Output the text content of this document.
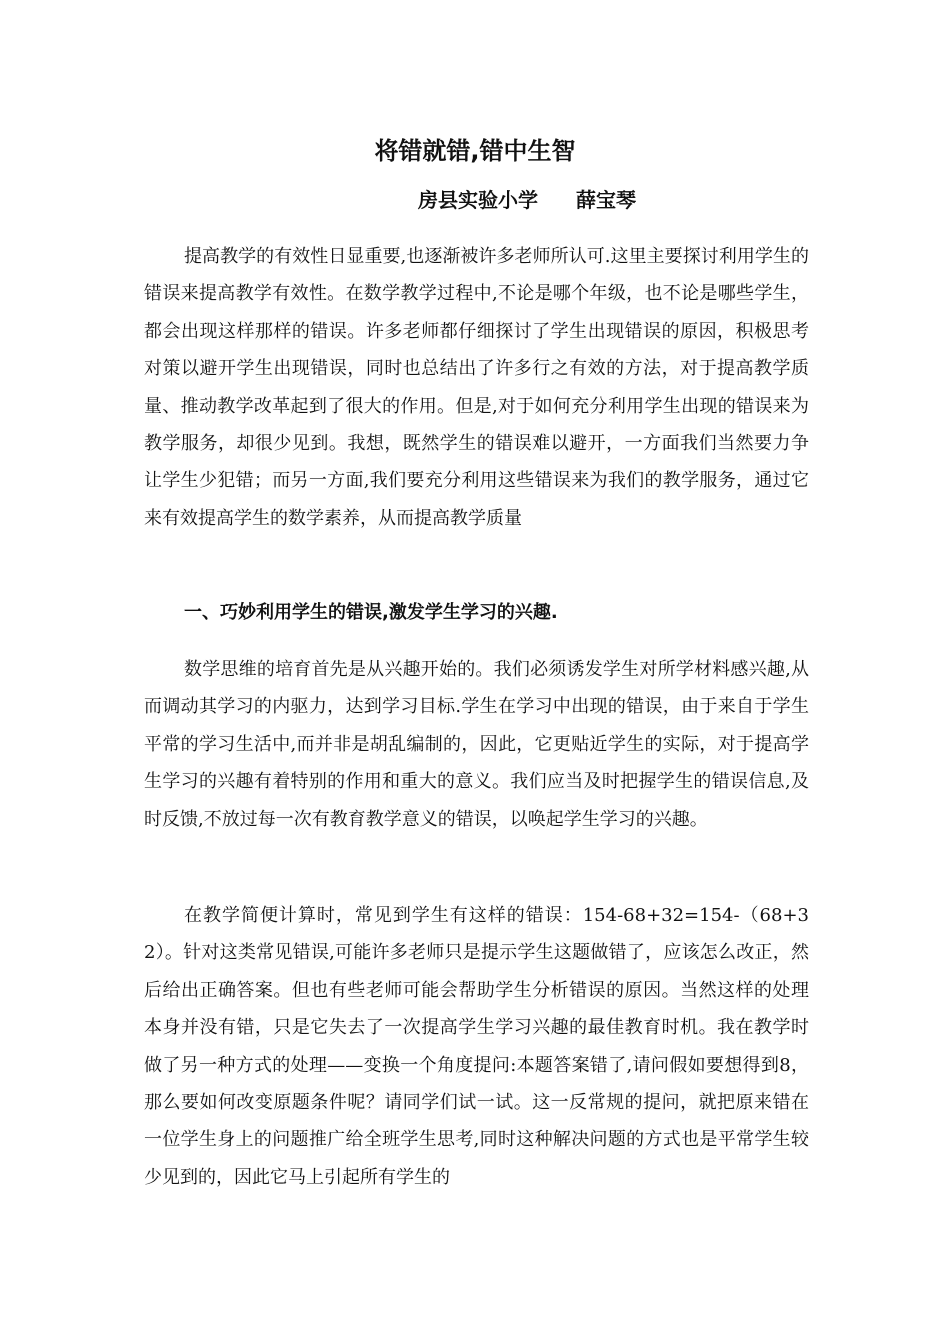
将错就错,错中生智
房县实验小学 薛宝琴

提高教学的有效性日显重要,也逐渐被许多老师所认可.这里主要探讨利用学生的错误来提高教学有效性。在数学教学过程中,不论是哪个年级，也不论是哪些学生，都会出现这样那样的错误。许多老师都仔细探讨了学生出现错误的原因，积极思考对策以避开学生出现错误，同时也总结出了许多行之有效的方法，对于提高教学质量、推动教学改革起到了很大的作用。但是,对于如何充分利用学生出现的错误来为教学服务，却很少见到。我想，既然学生的错误难以避开，一方面我们当然要力争让学生少犯错；而另一方面,我们要充分利用这些错误来为我们的教学服务，通过它来有效提高学生的数学素养，从而提高教学质量

一、巧妙利用学生的错误,激发学生学习的兴趣.

数学思维的培育首先是从兴趣开始的。我们必须诱发学生对所学材料感兴趣,从而调动其学习的内驱力，达到学习目标.学生在学习中出现的错误，由于来自于学生平常的学习生活中,而并非是胡乱编制的，因此，它更贴近学生的实际，对于提高学生学习的兴趣有着特别的作用和重大的意义。我们应当及时把握学生的错误信息,及时反馈,不放过每一次有教育教学意义的错误，以唤起学生学习的兴趣。

在教学简便计算时，常见到学生有这样的错误：154-68+32=154-（68+32）。针对这类常见错误,可能许多老师只是提示学生这题做错了，应该怎么改正，然后给出正确答案。但也有些老师可能会帮助学生分析错误的原因。当然这样的处理本身并没有错，只是它失去了一次提高学生学习兴趣的最佳教育时机。我在教学时做了另一种方式的处理——变换一个角度提问:本题答案错了,请问假如要想得到8，那么要如何改变原题条件呢？请同学们试一试。这一反常规的提问，就把原来错在一位学生身上的问题推广给全班学生思考,同时这种解决问题的方式也是平常学生较少见到的，因此它马上引起所有学生的
